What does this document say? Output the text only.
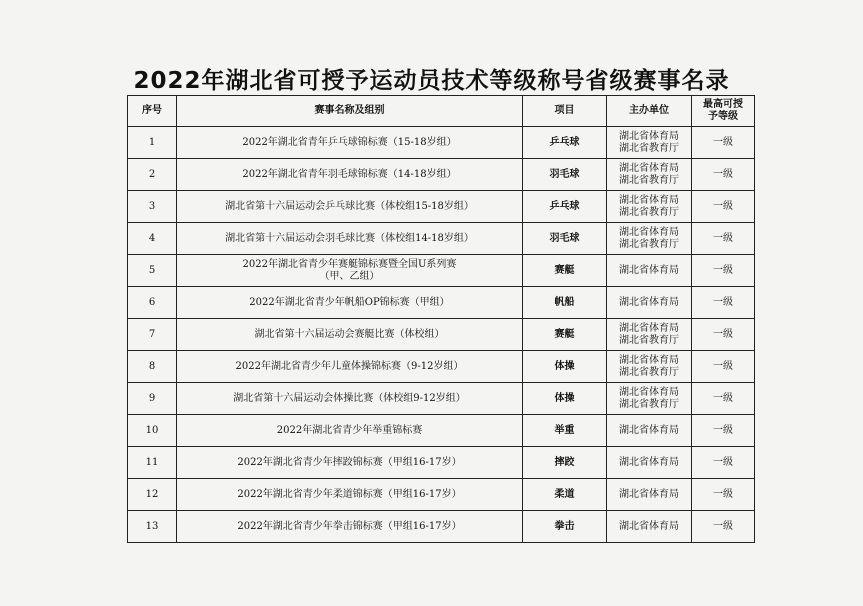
2022年湖北省可授予运动员技术等级称号省级赛事名录
序号	赛事名称及组别	项目	主办单位	最高可授
予等级

1	2022年湖北省青年乒乓球锦标赛（15-18岁组）	乒乓球	湖北省体育局
湖北省教育厅	一级
2	2022年湖北省青年羽毛球锦标赛（14-18岁组）	羽毛球	湖北省体育局
湖北省教育厅	一级
3	湖北省第十六届运动会乒乓球比赛（体校组15-18岁组）	乒乓球	湖北省体育局
湖北省教育厅	一级
4	湖北省第十六届运动会羽毛球比赛（体校组14-18岁组）	羽毛球	湖北省体育局
湖北省教育厅	一级
5	2022年湖北省青少年赛艇锦标赛暨全国U系列赛
（甲、乙组）	赛艇	湖北省体育局	一级
6	2022年湖北省青少年帆船OP锦标赛（甲组）	帆船	湖北省体育局	一级
7	湖北省第十六届运动会赛艇比赛（体校组）	赛艇	湖北省体育局
湖北省教育厅	一级
8	2022年湖北省青少年儿童体操锦标赛（9-12岁组）	体操	湖北省体育局
湖北省教育厅	一级
9	湖北省第十六届运动会体操比赛（体校组9-12岁组）	体操	湖北省体育局
湖北省教育厅	一级
10	2022年湖北省青少年举重锦标赛	举重	湖北省体育局	一级
11	2022年湖北省青少年摔跤锦标赛（甲组16-17岁）	摔跤	湖北省体育局	一级
12	2022年湖北省青少年柔道锦标赛（甲组16-17岁）	柔道	湖北省体育局	一级
13	2022年湖北省青少年拳击锦标赛（甲组16-17岁）	拳击	湖北省体育局	一级
